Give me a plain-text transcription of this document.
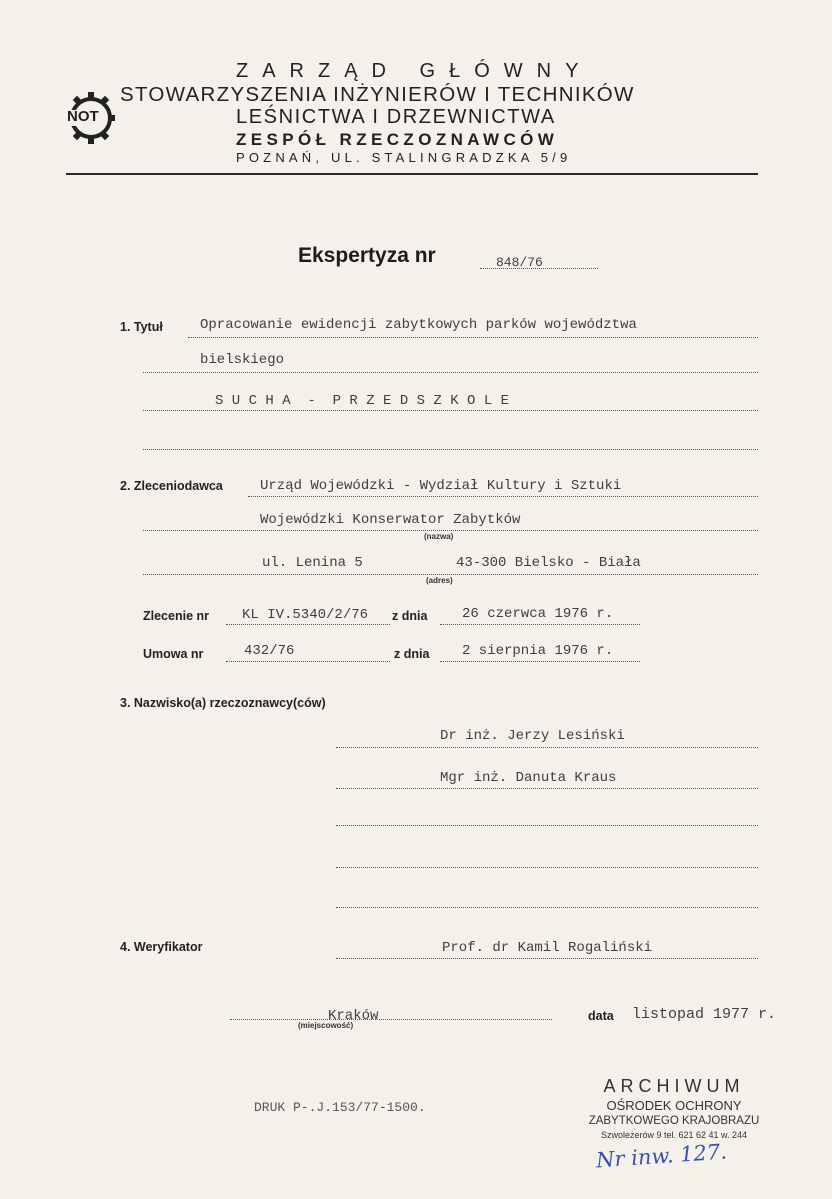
ZARZĄD GŁÓWNY
STOWARZYSZENIA INŻYNIERÓW I TECHNIKÓW
LEŚNICTWA I DRZEWNICTWA
ZESPÓŁ RZECZOZNAWCÓW
POZNAŃ, UL. STALINGRADZKA 5/9
NOT
Ekspertyza nr	848/76
1. Tytuł	Opracowanie ewidencji zabytkowych parków województwa
bielskiego
S U C H A  -  P R Z E D S Z K O L E
2. Zleceniodawca	Urząd Wojewódzki - Wydział Kultury i Sztuki
Wojewódzki Konserwator Zabytków
(nazwa)
ul. Lenina 5	43-300 Bielsko - Biała
(adres)
Zlecenie nr KL IV.5340/2/76 z dnia 26 czerwca 1976 r.
Umowa nr	432/76	z dnia 2 sierpnia 1976 r.
3. Nazwisko(a) rzeczoznawcy(ców)
Dr inż. Jerzy Lesiński
Mgr inż. Danuta Kraus
4. Weryfikator	Prof. dr Kamil Rogaliński
Kraków
(miejscowość)
data listopad 1977 r.
DRUK P-.J.153/77-1500.
ARCHIWUM
OŚRODEK OCHRONY
ZABYTKOWEGO KRAJOBRAZU
Szwoleżerów 9 tel. 621 62 41 w. 244
Nr inw. 127.
